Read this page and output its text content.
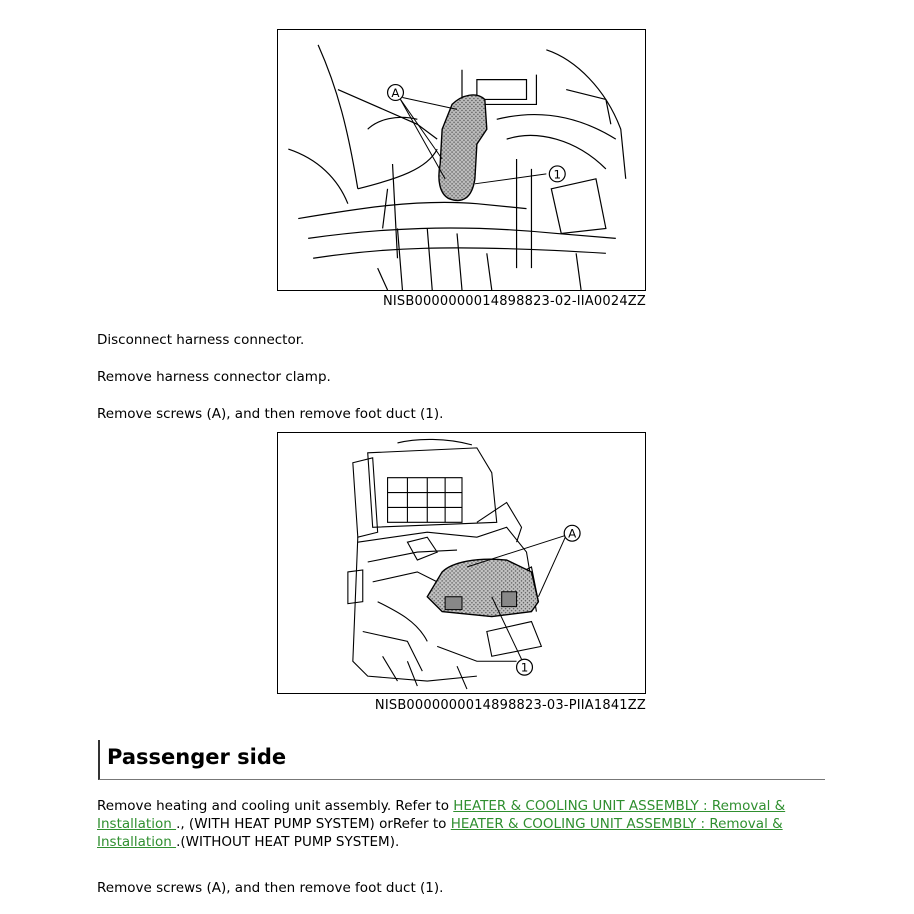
A
1
NISB0000000014898823-02-IIA0024ZZ
Disconnect harness connector.
Remove harness connector clamp.
Remove screws (A), and then remove foot duct (1).
A
1
NISB0000000014898823-03-PIIA1841ZZ
Passenger side
Remove heating and cooling unit assembly. Refer to HEATER & COOLING UNIT ASSEMBLY : Removal & Installation ., (WITH HEAT PUMP SYSTEM) orRefer to HEATER & COOLING UNIT ASSEMBLY : Removal & Installation .(WITHOUT HEAT PUMP SYSTEM).
Remove screws (A), and then remove foot duct (1).
